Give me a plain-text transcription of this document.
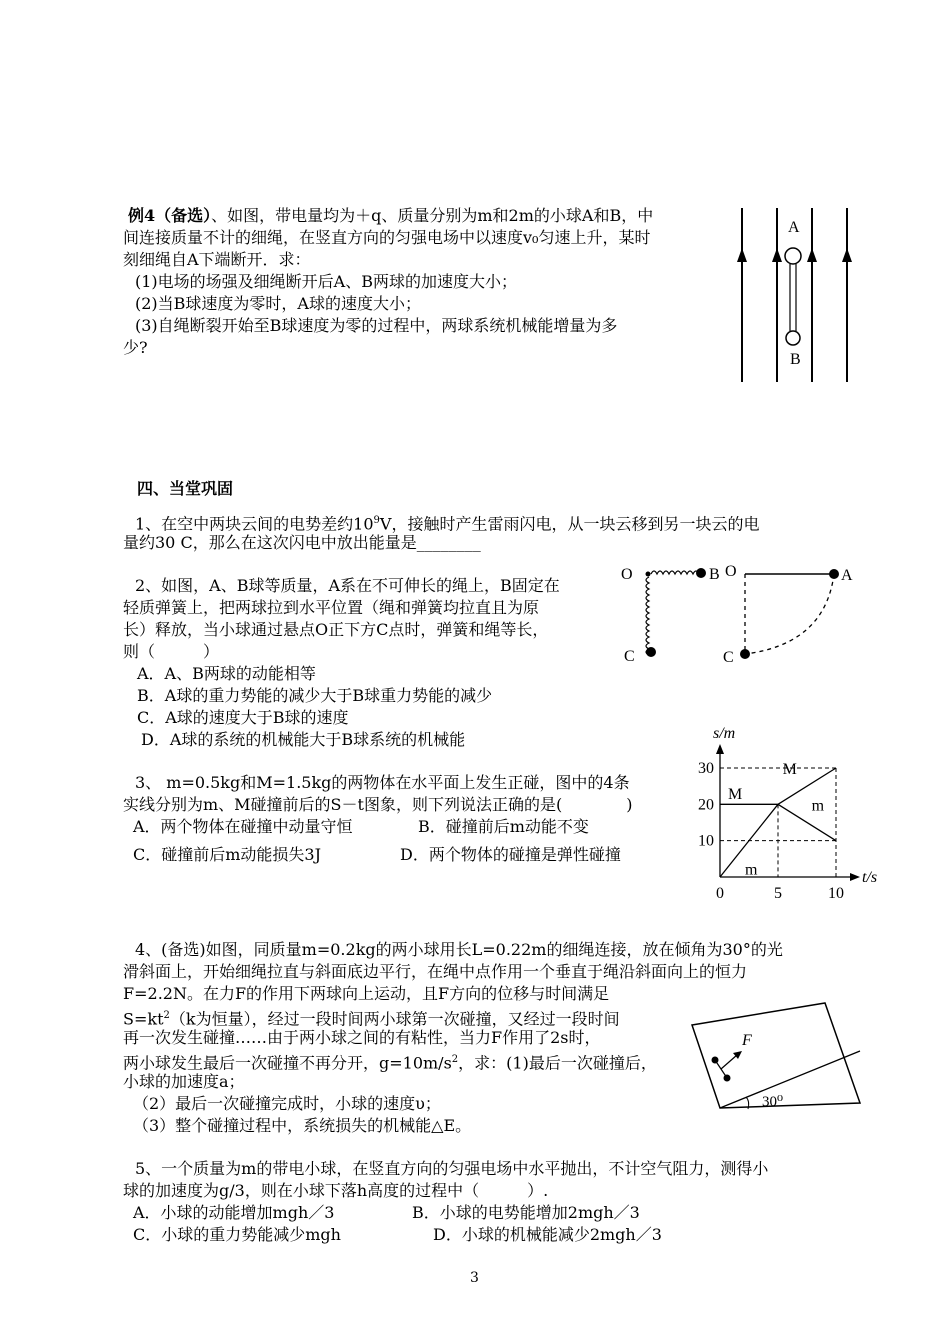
例4（备选）、如图，带电量均为＋q、质量分别为m和2m的小球A和B，中
间连接质量不计的细绳，在竖直方向的匀强电场中以速度v₀匀速上升，某时
刻细绳自A下端断开．求：
(1)电场的场强及细绳断开后A、B两球的加速度大小；
(2)当B球速度为零时，A球的速度大小；
(3)自绳断裂开始至B球速度为零的过程中，两球系统机械能增量为多
少?
A
B
四、当堂巩固
1、在空中两块云间的电势差约$10^9V$，接触时产生雷雨闪电，从一块云移到另一块云的电
量约30 C，那么在这次闪电中放出能量是________
2、如图，A、B球等质量，A系在不可伸长的绳上，B固定在
轻质弹簧上，把两球拉到水平位置（绳和弹簧均拉直且为原
长）释放，当小球通过悬点O正下方C点时，弹簧和绳等长，
则（　　　）
A．A、B两球的动能相等
B．A球的重力势能的减少大于B球重力势能的减少
C．A球的速度大于B球的速度
D．A球的系统的机械能大于B球系统的机械能
O	B
C
O	A
C
3、 m=0.5kg和M=1.5kg的两物体在水平面上发生正碰，图中的4条
实线分别为m、M碰撞前后的S－t图象，则下列说法正确的是(　　　　)
A．两个物体在碰撞中动量守恒	B．碰撞前后m动能不变
C．碰撞前后m动能损失3J	D．两个物体的碰撞是弹性碰撞
s/m
t/s
0	5	10
10
20
30
M
m
M
m
4、(备选)如图，同质量m=0.2kg的两小球用长L=0.22m的细绳连接，放在倾角为30°的光
滑斜面上，开始细绳拉直与斜面底边平行，在绳中点作用一个垂直于绳沿斜面向上的恒力
F=2.2N。在力F的作用下两球向上运动，且F方向的位移与时间满足
$S=kt^2(k$为恒量），经过一段时间两小球第一次碰撞，又经过一段时间
再一次发生碰撞……由于两小球之间的有粘性，当力F作用了2s时，
两小球发生最后一次碰撞不再分开，$g=10m/s^2$，求：(1)最后一次碰撞后，
小球的加速度a；
（2）最后一次碰撞完成时，小球的速度υ；
（3）整个碰撞过程中，系统损失的机械能△E。
30⁰
F
5、一个质量为m的带电小球，在竖直方向的匀强电场中水平抛出，不计空气阻力，测得小
球的加速度为g/3，则在小球下落h高度的过程中（　　　）.
A．小球的动能增加mgh／3	B．小球的电势能增加2mgh／3
C．小球的重力势能减少mgh	D．小球的机械能减少2mgh／3
3
